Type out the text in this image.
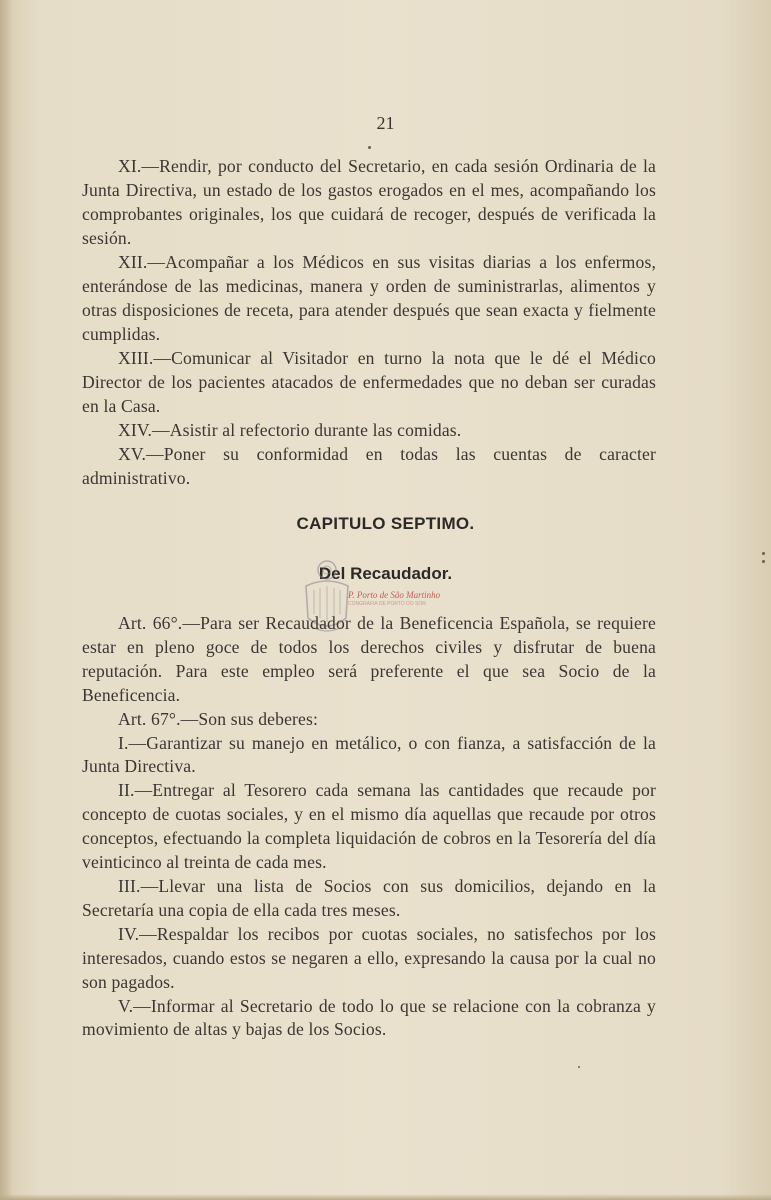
21

XI.—Rendir, por conducto del Secretario, en cada sesión Ordinaria de la Junta Directiva, un estado de los gastos erogados en el mes, acompañando los comprobantes originales, los que cuidará de recoger, después de verificada la sesión.

XII.—Acompañar a los Médicos en sus visitas diarias a los enfermos, enterándose de las medicinas, manera y orden de suministrarlas, alimentos y otras disposiciones de receta, para atender después que sean exacta y fielmente cumplidas.

XIII.—Comunicar al Visitador en turno la nota que le dé el Médico Director de los pacientes atacados de enfermedades que no deban ser curadas en la Casa.

XIV.—Asistir al refectorio durante las comidas.

XV.—Poner su conformidad en todas las cuentas de caracter administrativo.

CAPITULO SEPTIMO.
Del Recaudador.
P. Porto de São Martinho
CONGRAFIA DE PORTO DO SOR

Art. 66°.—Para ser Recaudador de la Beneficencia Española, se requiere estar en pleno goce de todos los derechos civiles y disfrutar de buena reputación. Para este empleo será preferente el que sea Socio de la Beneficencia.

Art. 67°.—Son sus deberes:

I.—Garantizar su manejo en metálico, o con fianza, a satisfacción de la Junta Directiva.

II.—Entregar al Tesorero cada semana las cantidades que recaude por concepto de cuotas sociales, y en el mismo día aquellas que recaude por otros conceptos, efectuando la completa liquidación de cobros en la Tesorería del día veinticinco al treinta de cada mes.

III.—Llevar una lista de Socios con sus domicilios, dejando en la Secretaría una copia de ella cada tres meses.

IV.—Respaldar los recibos por cuotas sociales, no satisfechos por los interesados, cuando estos se negaren a ello, expresando la causa por la cual no son pagados.

V.—Informar al Secretario de todo lo que se relacione con la cobranza y movimiento de altas y bajas de los Socios.
